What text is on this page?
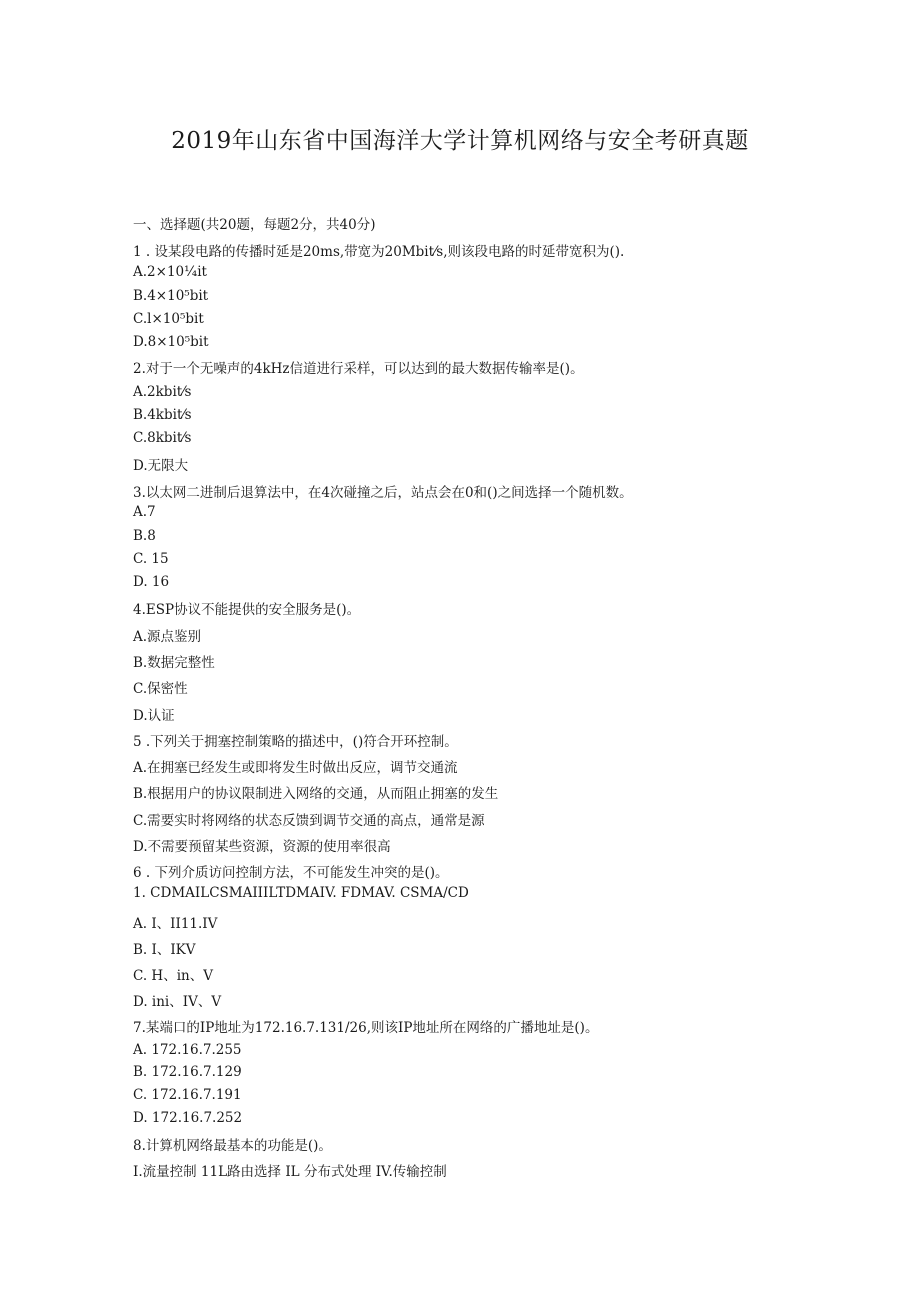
2019年山东省中国海洋大学计算机网络与安全考研真题
一、选择题(共20题，每题2分，共40分)
1 . 设某段电路的传播时延是20ms,带宽为20Mbit⁄s,则该段电路的时延带宽积为().
A.2×10⅟₄it
B.4×10⁵bit
C.l×10⁵bit
D.8×10⁵bit
2.对于一个无噪声的4kHz信道进行采样，可以达到的最大数据传输率是()。
A.2kbit⁄s
B.4kbit⁄s
C.8kbit⁄s
D.无限大
3.以太网二进制后退算法中，在4次碰撞之后，站点会在0和()之间选择一个随机数。
A.7
B.8
C. 15
D. 16
4.ESP协议不能提供的安全服务是()。
A.源点鉴别
B.数据完整性
C.保密性
D.认证
5 .下列关于拥塞控制策略的描述中，()符合开环控制。
A.在拥塞已经发生或即将发生时做出反应，调节交通流
B.根据用户的协议限制进入网络的交通，从而阻止拥塞的发生
C.需要实时将网络的状态反馈到调节交通的高点，通常是源
D.不需要预留某些资源，资源的使用率很高
6 . 下列介质访问控制方法，不可能发生冲突的是()。
1. CDMAILCSMAIIILTDMAIV. FDMAV. CSMA/CD
A. I、II11.IV
B. I、IKV
C. H、in、V
D. ini、IV、V
7.某端口的IP地址为172.16.7.131/26,则该IP地址所在网络的广播地址是()。
A. 172.16.7.255
B. 172.16.7.129
C. 172.16.7.191
D. 172.16.7.252
8.计算机网络最基本的功能是()。
I.流量控制 11L路由选择 IL 分布式处理 IV.传输控制
